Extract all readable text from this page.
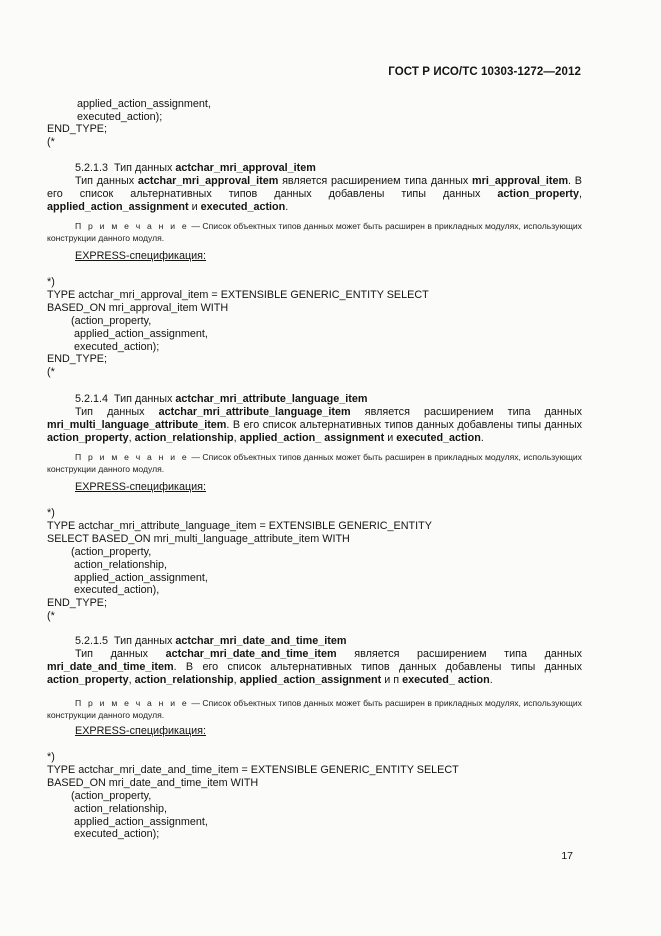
ГОСТ Р ИСО/ТС 10303-1272—2012
applied_action_assignment,
executed_action);
END_TYPE;
(*
5.2.1.3 Тип данных actchar_mri_approval_item
Тип данных actchar_mri_approval_item является расширением типа данных mri_approval_item. В его список альтернативных типов данных добавлены типы данных action_property, applied_action_assignment и executed_action.
П р и м е ч а н и е — Список объектных типов данных может быть расширен в прикладных модулях, использующих конструкции данного модуля.
EXPRESS-спецификация:
*)
TYPE actchar_mri_approval_item = EXTENSIBLE GENERIC_ENTITY SELECT
BASED_ON mri_approval_item WITH
(action_property,
applied_action_assignment,
executed_action);
END_TYPE;
(*
5.2.1.4 Тип данных actchar_mri_attribute_language_item
Тип данных actchar_mri_attribute_language_item является расширением типа данных mri_multi_language_attribute_item. В его список альтернативных типов данных добавлены типы данных action_property, action_relationship, applied_action_ assignment и executed_action.
П р и м е ч а н и е — Список объектных типов данных может быть расширен в прикладных модулях, использующих конструкции данного модуля.
EXPRESS-спецификация:
*)
TYPE actchar_mri_attribute_language_item = EXTENSIBLE GENERIC_ENTITY
SELECT BASED_ON mri_multi_language_attribute_item WITH
(action_property,
action_relationship,
applied_action_assignment,
executed_action),
END_TYPE;
(*
5.2.1.5 Тип данных actchar_mri_date_and_time_item
Тип данных actchar_mri_date_and_time_item является расширением типа данных mri_date_and_time_item. В его список альтернативных типов данных добавлены типы данных action_property, action_relationship, applied_action_assignment и п executed_ action.
П р и м е ч а н и е — Список объектных типов данных может быть расширен в прикладных модулях, использующих конструкции данного модуля.
EXPRESS-спецификация:
*)
TYPE actchar_mri_date_and_time_item = EXTENSIBLE GENERIC_ENTITY SELECT
BASED_ON mri_date_and_time_item WITH
(action_property,
action_relationship,
applied_action_assignment,
executed_action);
17
